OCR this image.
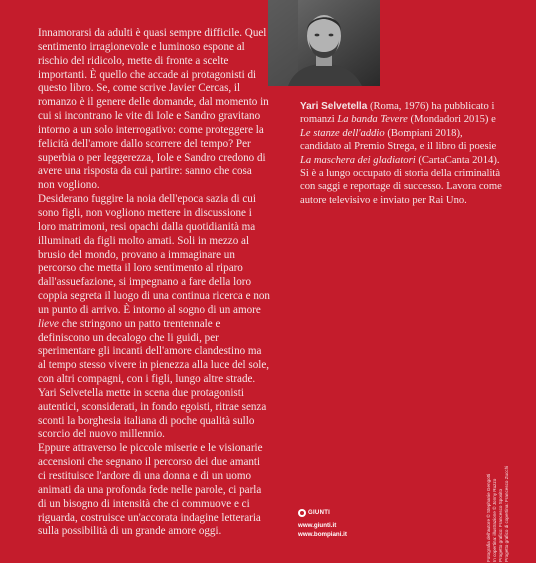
Innamorarsi da adulti è quasi sempre difficile. Quel sentimento irragionevole e luminoso espone al rischio del ridicolo, mette di fronte a scelte importanti. È quello che accade ai protagonisti di questo libro. Se, come scrive Javier Cercas, il romanzo è il genere delle domande, dal momento in cui si incontrano le vite di Iole e Sandro gravitano intorno a un solo interrogativo: come proteggere la felicità dell'amore dallo scorrere del tempo? Per superbia o per leggerezza, Iole e Sandro credono di avere una risposta da cui partire: sanno che cosa non vogliono.
Desiderano fuggire la noia dell'epoca sazia di cui sono figli, non vogliono mettere in discussione i loro matrimoni, resi opachi dalla quotidianità ma illuminati da figli molto amati. Soli in mezzo al brusio del mondo, provano a immaginare un percorso che metta il loro sentimento al riparo dall'assuefazione, si impegnano a fare della loro coppia segreta il luogo di una continua ricerca e non un punto di arrivo. È intorno al sogno di un amore lieve che stringono un patto trentennale e definiscono un decalogo che li guidi, per sperimentare gli incanti dell'amore clandestino ma al tempo stesso vivere in pienezza alla luce del sole, con altri compagni, con i figli, lungo altre strade. Yari Selvetella mette in scena due protagonisti autentici, sconsiderati, in fondo egoisti, ritrae senza sconti la borghesia italiana di poche qualità sullo scorcio del nuovo millennio.
Eppure attraverso le piccole miserie e le visionarie accensioni che segnano il percorso dei due amanti ci restituisce l'ardore di una donna e di un uomo animati da una profonda fede nelle parole, ci parla di un bisogno di intensità che ci commuove e ci riguarda, costruisce un'accorata indagine letteraria sulla possibilità di un grande amore oggi.

Yari Selvetella (Roma, 1976) ha pubblicato i romanzi La banda Tevere (Mondadori 2015) e Le stanze dell'addio (Bompiani 2018), candidato al Premio Strega, e il libro di poesie La maschera dei gladiatori (CartaCanta 2014). Si è a lungo occupato di storia della criminalità con saggi e reportage di successo. Lavora come autore televisivo e inviato per Rai Uno.

GIUNTI
www.giunti.it
www.bompiani.it	Fotografia dell'autore © Stephanie Gengotti In copertina: illustrazione © Jonny Ruzzo Progetto grafico: Francesco Sposito Progetto grafico di copertina: Francesco Zucchi
